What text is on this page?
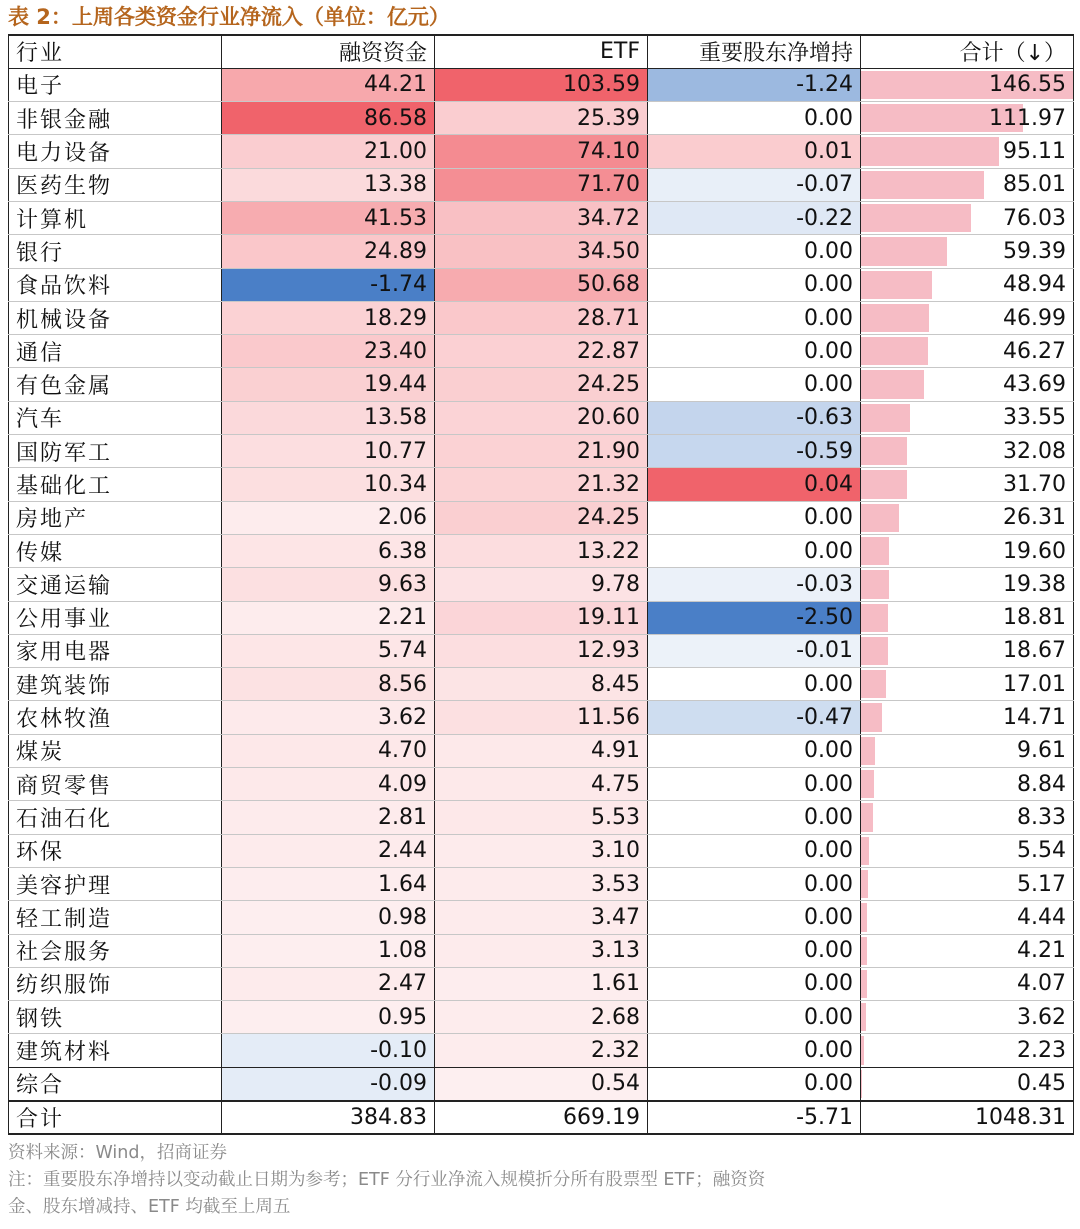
表 2：上周各类资金行业净流入（单位：亿元）
行业	融资资金	ETF	重要股东净增持	合计（↓）
电子	44.21	103.59	-1.24	146.55
非银金融	86.58	25.39	0.00	111.97
电力设备	21.00	74.10	0.01	95.11
医药生物	13.38	71.70	-0.07	85.01
计算机	41.53	34.72	-0.22	76.03
银行	24.89	34.50	0.00	59.39
食品饮料	-1.74	50.68	0.00	48.94
机械设备	18.29	28.71	0.00	46.99
通信	23.40	22.87	0.00	46.27
有色金属	19.44	24.25	0.00	43.69
汽车	13.58	20.60	-0.63	33.55
国防军工	10.77	21.90	-0.59	32.08
基础化工	10.34	21.32	0.04	31.70
房地产	2.06	24.25	0.00	26.31
传媒	6.38	13.22	0.00	19.60
交通运输	9.63	9.78	-0.03	19.38
公用事业	2.21	19.11	-2.50	18.81
家用电器	5.74	12.93	-0.01	18.67
建筑装饰	8.56	8.45	0.00	17.01
农林牧渔	3.62	11.56	-0.47	14.71
煤炭	4.70	4.91	0.00	9.61
商贸零售	4.09	4.75	0.00	8.84
石油石化	2.81	5.53	0.00	8.33
环保	2.44	3.10	0.00	5.54
美容护理	1.64	3.53	0.00	5.17
轻工制造	0.98	3.47	0.00	4.44
社会服务	1.08	3.13	0.00	4.21
纺织服饰	2.47	1.61	0.00	4.07
钢铁	0.95	2.68	0.00	3.62
建筑材料	-0.10	2.32	0.00	2.23
综合	-0.09	0.54	0.00	0.45
合计	384.83	669.19	-5.71	1048.31
资料来源：Wind，招商证券
注：重要股东净增持以变动截止日期为参考；ETF 分行业净流入规模折分所有股票型 ETF；融资资
金、股东增减持、ETF 均截至上周五
